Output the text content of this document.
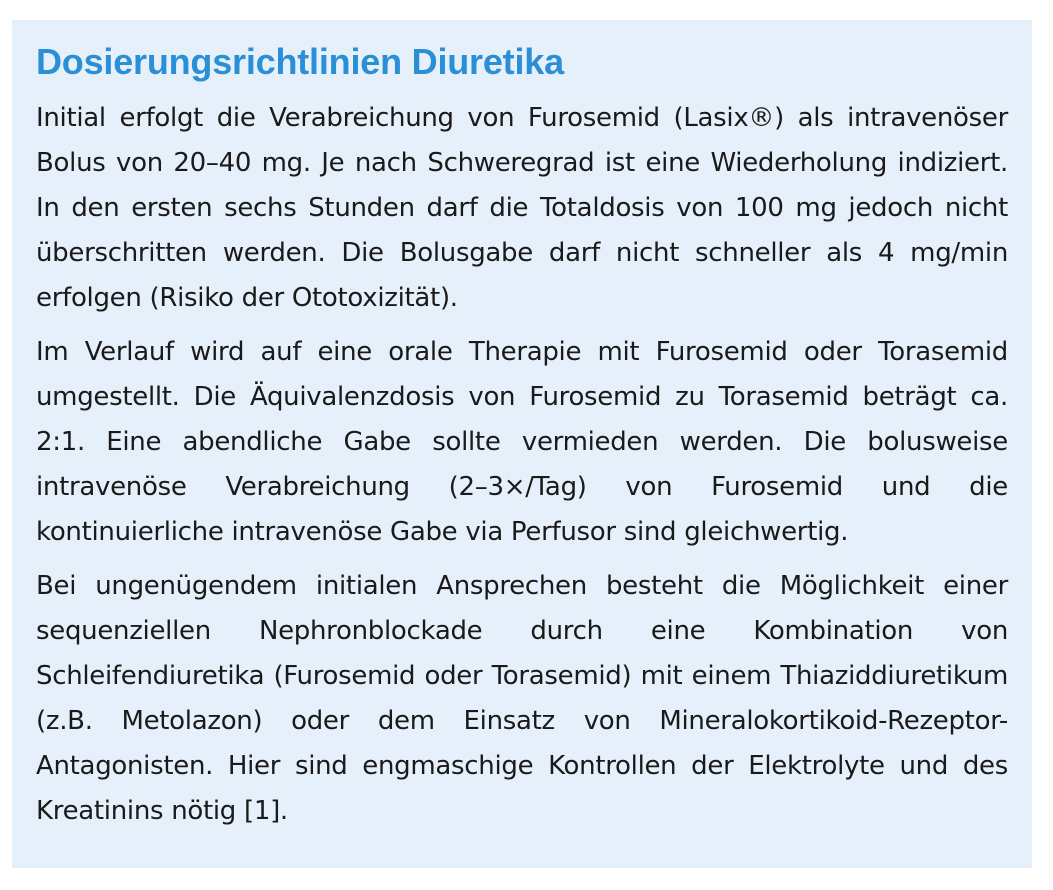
Dosierungsrichtlinien Diuretika

Initial erfolgt die Verabreichung von Furosemid (Lasix®) als intravenöser Bolus von 20–40 mg. Je nach Schweregrad ist eine Wiederholung indiziert. In den ersten sechs Stunden darf die Totaldosis von 100 mg jedoch nicht überschritten werden. Die Bolusgabe darf nicht schneller als 4 mg/min erfolgen (Risiko der Ototoxizität).

Im Verlauf wird auf eine orale Therapie mit Furosemid oder Torasemid umgestellt. Die Äquivalenzdosis von Furosemid zu Torasemid beträgt ca. 2:1. Eine abendliche Gabe sollte vermieden werden. Die bolusweise intravenöse Verabreichung (2–3×/Tag) von Furosemid und die kontinuierliche intravenöse Gabe via Perfusor sind gleichwertig.

Bei ungenügendem initialen Ansprechen besteht die Möglichkeit einer sequenziellen Nephronblockade durch eine Kombination von Schleifendiuretika (Furosemid oder Torasemid) mit einem Thiaziddiuretikum (z.B. Metolazon) oder dem Einsatz von Mineralokortikoid-Rezeptor-Antagonisten. Hier sind engmaschige Kontrollen der Elektrolyte und des Kreatinins nötig [1].
